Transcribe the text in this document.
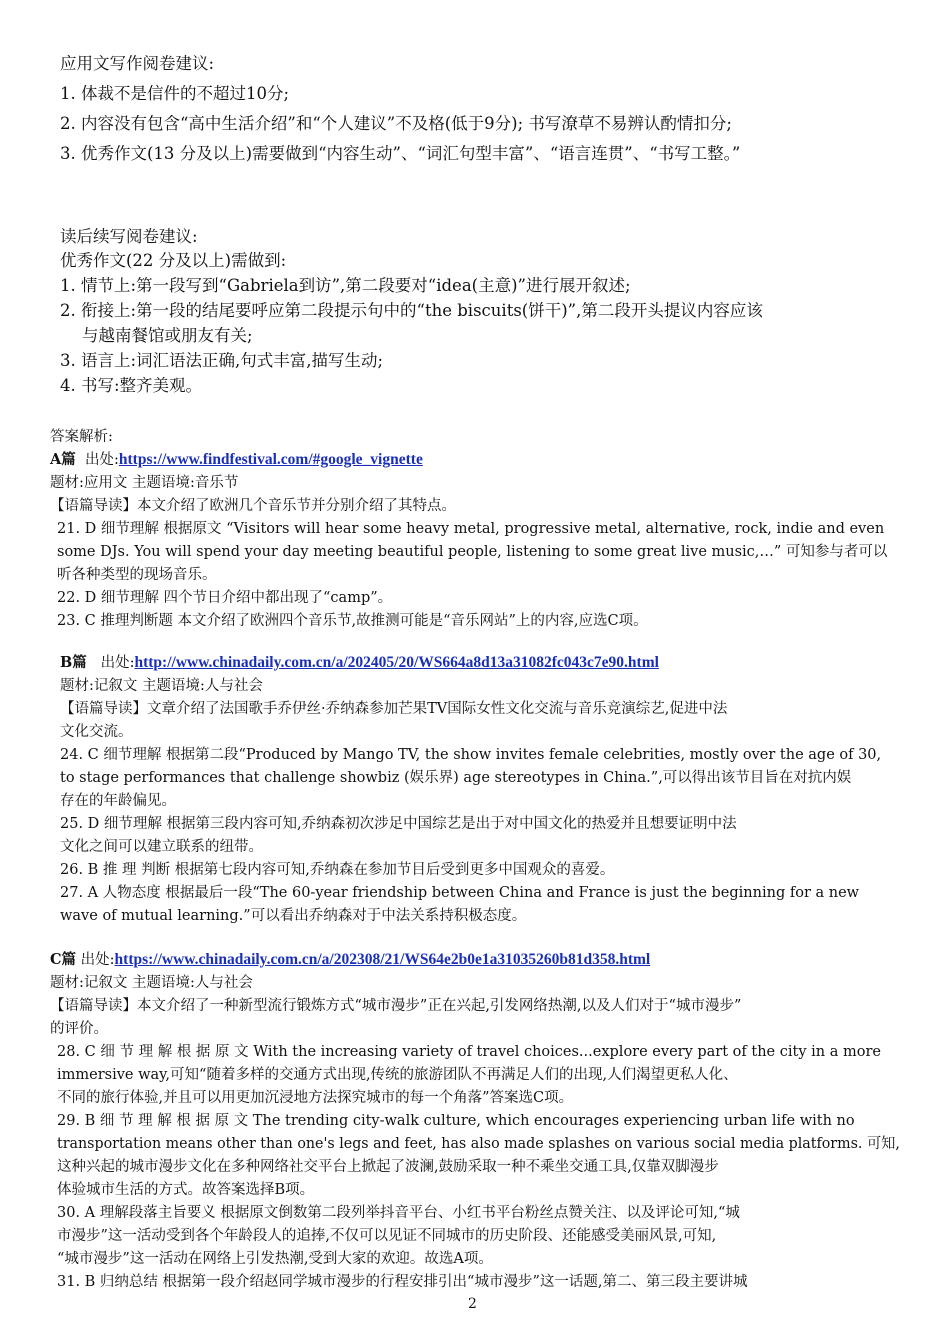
应用文写作阅卷建议:
1. 体裁不是信件的不超过10分;
2. 内容没有包含“高中生活介绍”和“个人建议”不及格(低于9分); 书写潦草不易辨认酌情扣分;
3. 优秀作文(13 分及以上)需要做到“内容生动”、“词汇句型丰富”、“语言连贯”、“书写工整。”
读后续写阅卷建议:
优秀作文(22 分及以上)需做到:
1. 情节上:第一段写到“Gabriela到访”,第二段要对“idea(主意)”进行展开叙述;
2. 衔接上:第一段的结尾要呼应第二段提示句中的“the biscuits(饼干)”,第二段开头提议内容应该
与越南餐馆或朋友有关;
3. 语言上:词汇语法正确,句式丰富,描写生动;
4. 书写:整齐美观。
答案解析:
A篇 出处:https://www.findfestival.com/#google_vignette
题材:应用文 主题语境:音乐节
【语篇导读】本文介绍了欧洲几个音乐节并分别介绍了其特点。
21. D 细节理解 根据原文 “Visitors will hear some heavy metal, progressive metal, alternative, rock, indie and even
some DJs. You will spend your day meeting beautiful people, listening to some great live music,…” 可知参与者可以
听各种类型的现场音乐。
22. D 细节理解 四个节日介绍中都出现了“camp”。
23. C 推理判断题 本文介绍了欧洲四个音乐节,故推测可能是“音乐网站”上的内容,应选C项。
B篇 出处:http://www.chinadaily.com.cn/a/202405/20/WS664a8d13a31082fc043c7e90.html
题材:记叙文 主题语境:人与社会
【语篇导读】文章介绍了法国歌手乔伊丝·乔纳森参加芒果TV国际女性文化交流与音乐竞演综艺,促进中法
文化交流。
24. C 细节理解 根据第二段“Produced by Mango TV, the show invites female celebrities, mostly over the age of 30,
to stage performances that challenge showbiz (娱乐界) age stereotypes in China.”,可以得出该节目旨在对抗内娱
存在的年龄偏见。
25. D 细节理解 根据第三段内容可知,乔纳森初次涉足中国综艺是出于对中国文化的热爱并且想要证明中法
文化之间可以建立联系的纽带。
26. B 推 理 判断 根据第七段内容可知,乔纳森在参加节目后受到更多中国观众的喜爱。
27. A 人物态度 根据最后一段“The 60-year friendship between China and France is just the beginning for a new
wave of mutual learning.”可以看出乔纳森对于中法关系持积极态度。
C篇 出处:https://www.chinadaily.com.cn/a/202308/21/WS64e2b0e1a31035260b81d358.html
题材:记叙文 主题语境:人与社会
【语篇导读】本文介绍了一种新型流行锻炼方式“城市漫步”正在兴起,引发网络热潮,以及人们对于“城市漫步”
的评价。
28. C 细 节 理 解 根 据 原 文 With the increasing variety of travel choices...explore every part of the city in a more
immersive way,可知“随着多样的交通方式出现,传统的旅游团队不再满足人们的出现,人们渴望更私人化、
不同的旅行体验,并且可以用更加沉浸地方法探究城市的每一个角落”答案选C项。
29. B 细 节 理 解 根 据 原 文 The trending city-walk culture, which encourages experiencing urban life with no
transportation means other than one's legs and feet, has also made splashes on various social media platforms. 可知,
这种兴起的城市漫步文化在多种网络社交平台上掀起了波澜,鼓励采取一种不乘坐交通工具,仅靠双脚漫步
体验城市生活的方式。故答案选择B项。
30. A 理解段落主旨要义 根据原文倒数第二段列举抖音平台、小红书平台粉丝点赞关注、以及评论可知,“城
市漫步”这一活动受到各个年龄段人的追捧,不仅可以见证不同城市的历史阶段、还能感受美丽风景,可知,
“城市漫步”这一活动在网络上引发热潮,受到大家的欢迎。故选A项。
31. B 归纳总结 根据第一段介绍赵同学城市漫步的行程安排引出“城市漫步”这一话题,第二、第三段主要讲城
2
